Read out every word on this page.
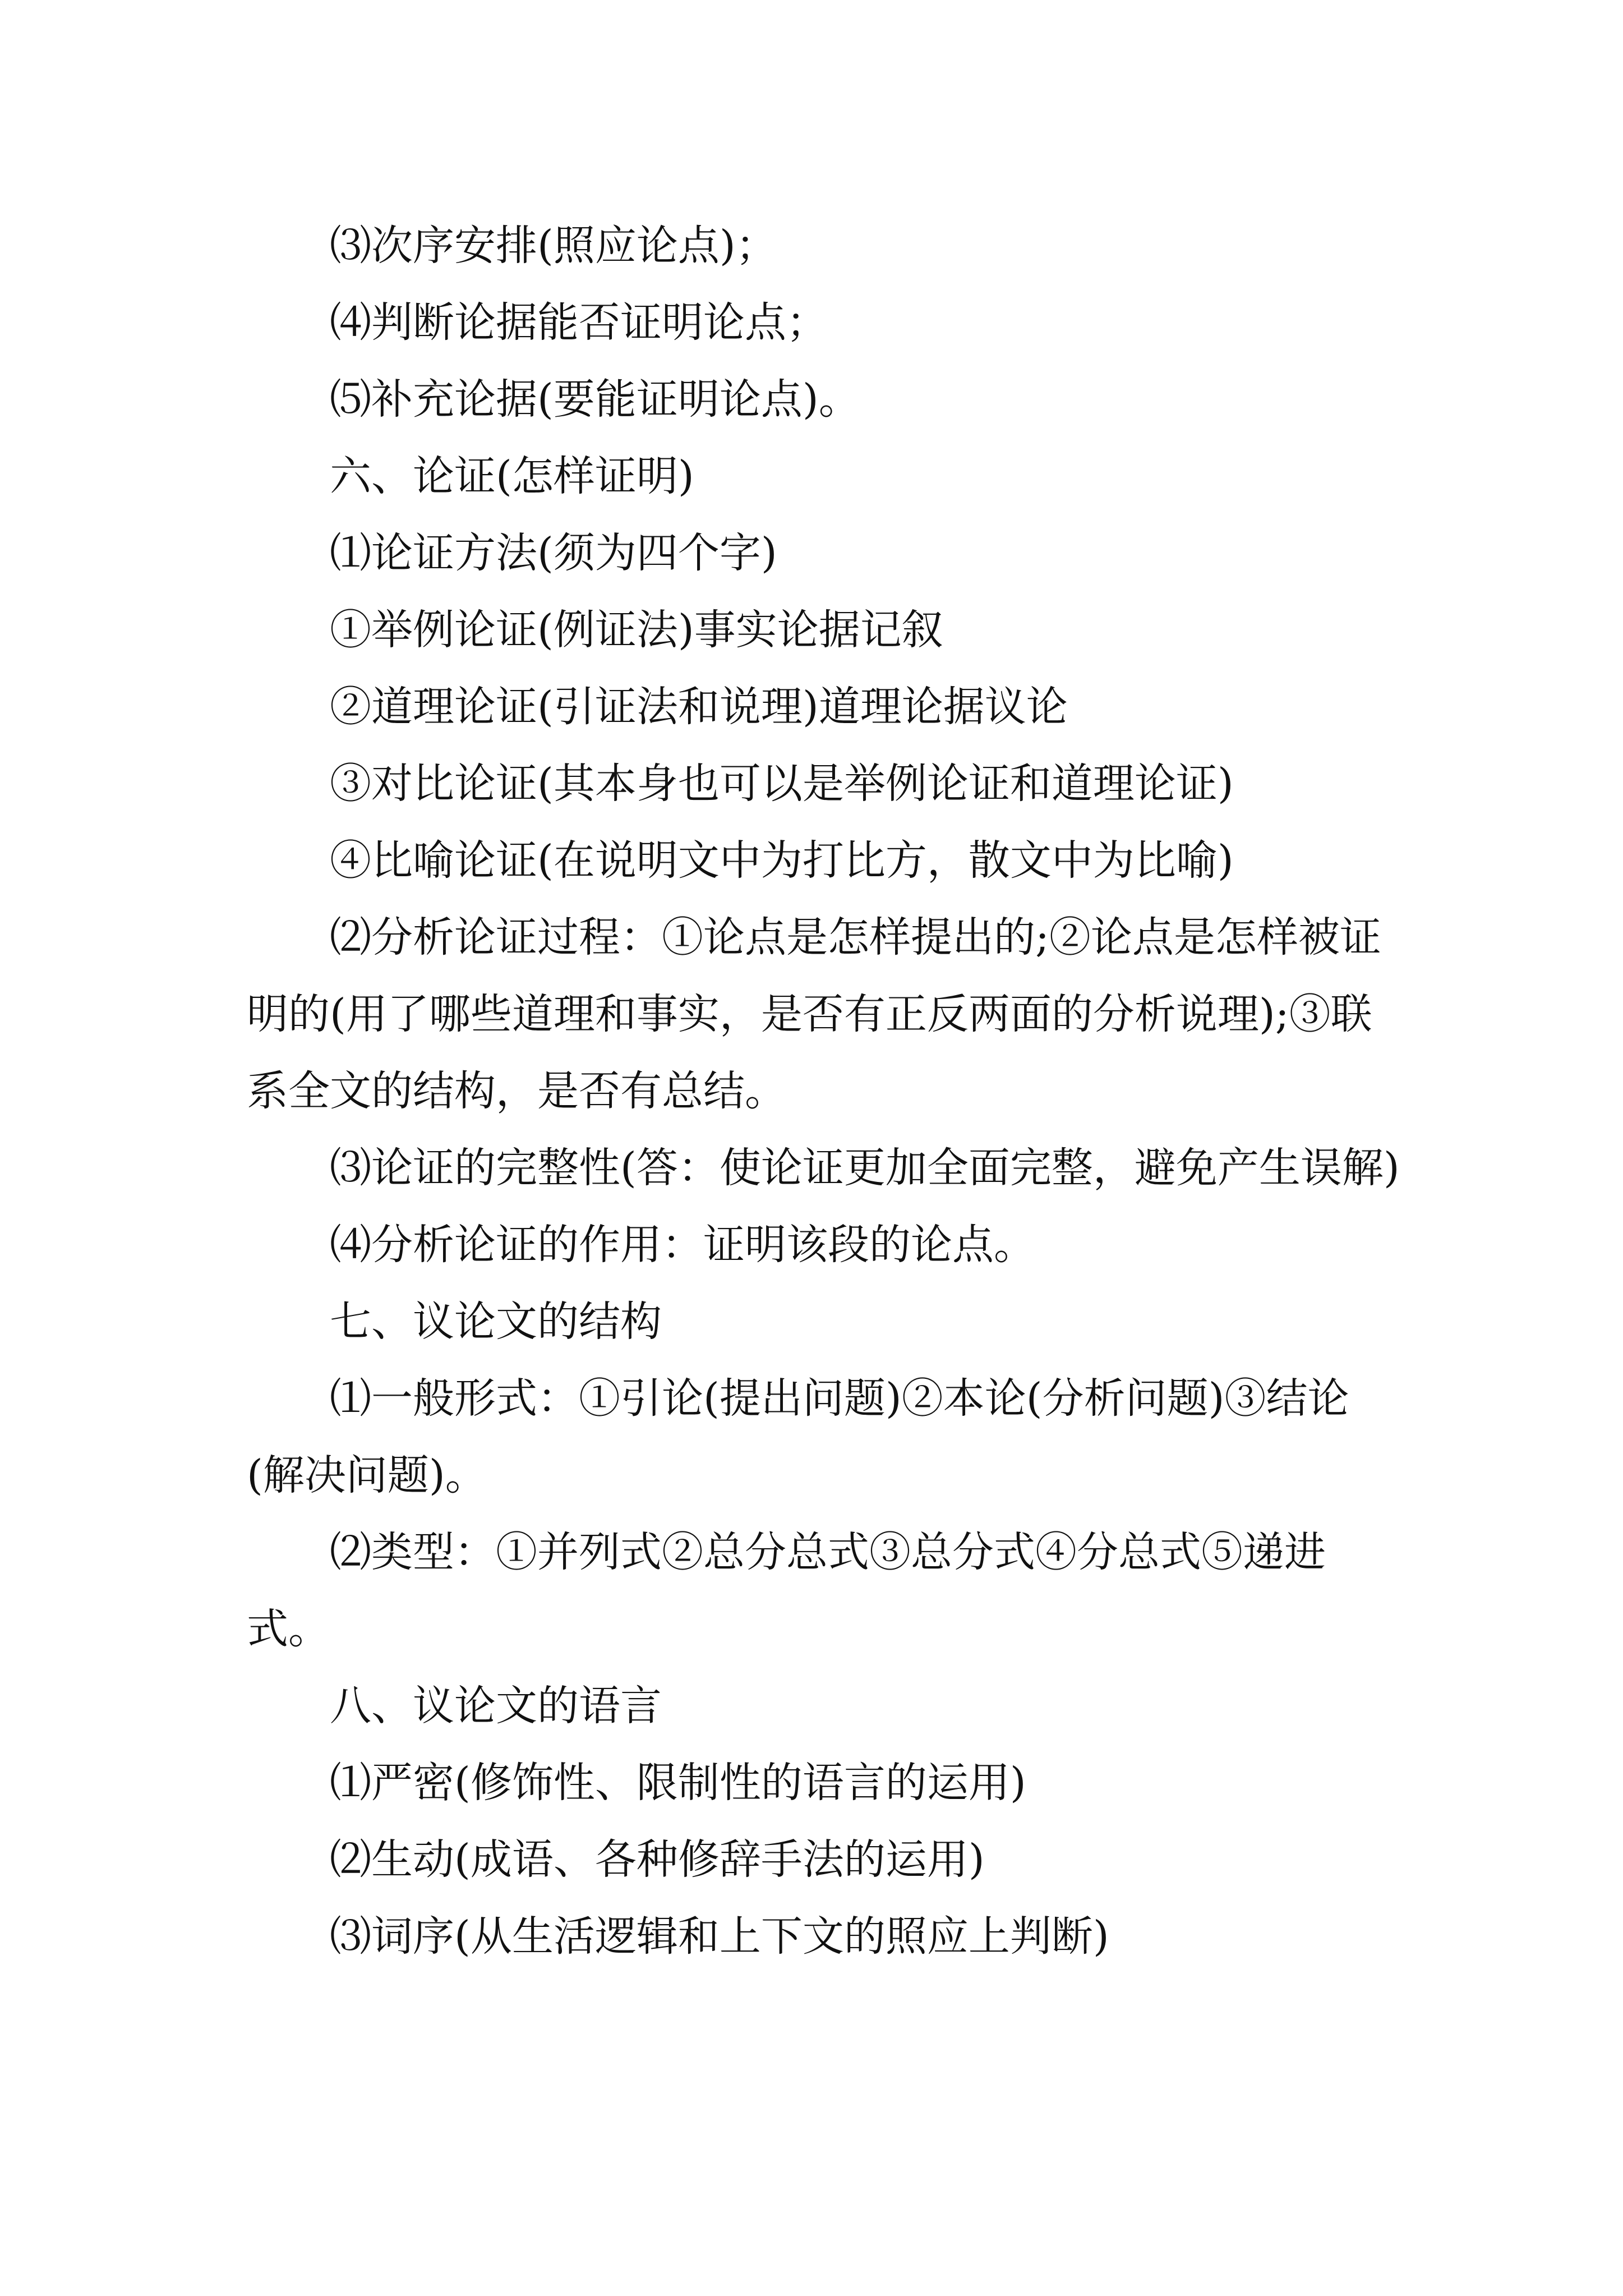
⑶次序安排(照应论点)；

⑷判断论据能否证明论点；

⑸补充论据(要能证明论点)。

六、论证(怎样证明)

⑴论证方法(须为四个字)

①举例论证(例证法)事实论据记叙

②道理论证(引证法和说理)道理论据议论

③对比论证(其本身也可以是举例论证和道理论证)

④比喻论证(在说明文中为打比方，散文中为比喻)

⑵分析论证过程：①论点是怎样提出的;②论点是怎样被证明的(用了哪些道理和事实，是否有正反两面的分析说理);③联系全文的结构，是否有总结。

⑶论证的完整性(答：使论证更加全面完整，避免产生误解)

⑷分析论证的作用：证明该段的论点。

七、议论文的结构

⑴一般形式：①引论(提出问题)②本论(分析问题)③结论(解决问题)。

⑵类型：①并列式②总分总式③总分式④分总式⑤递进式。

八、议论文的语言

⑴严密(修饰性、限制性的语言的运用)

⑵生动(成语、各种修辞手法的运用)

⑶词序(从生活逻辑和上下文的照应上判断)
